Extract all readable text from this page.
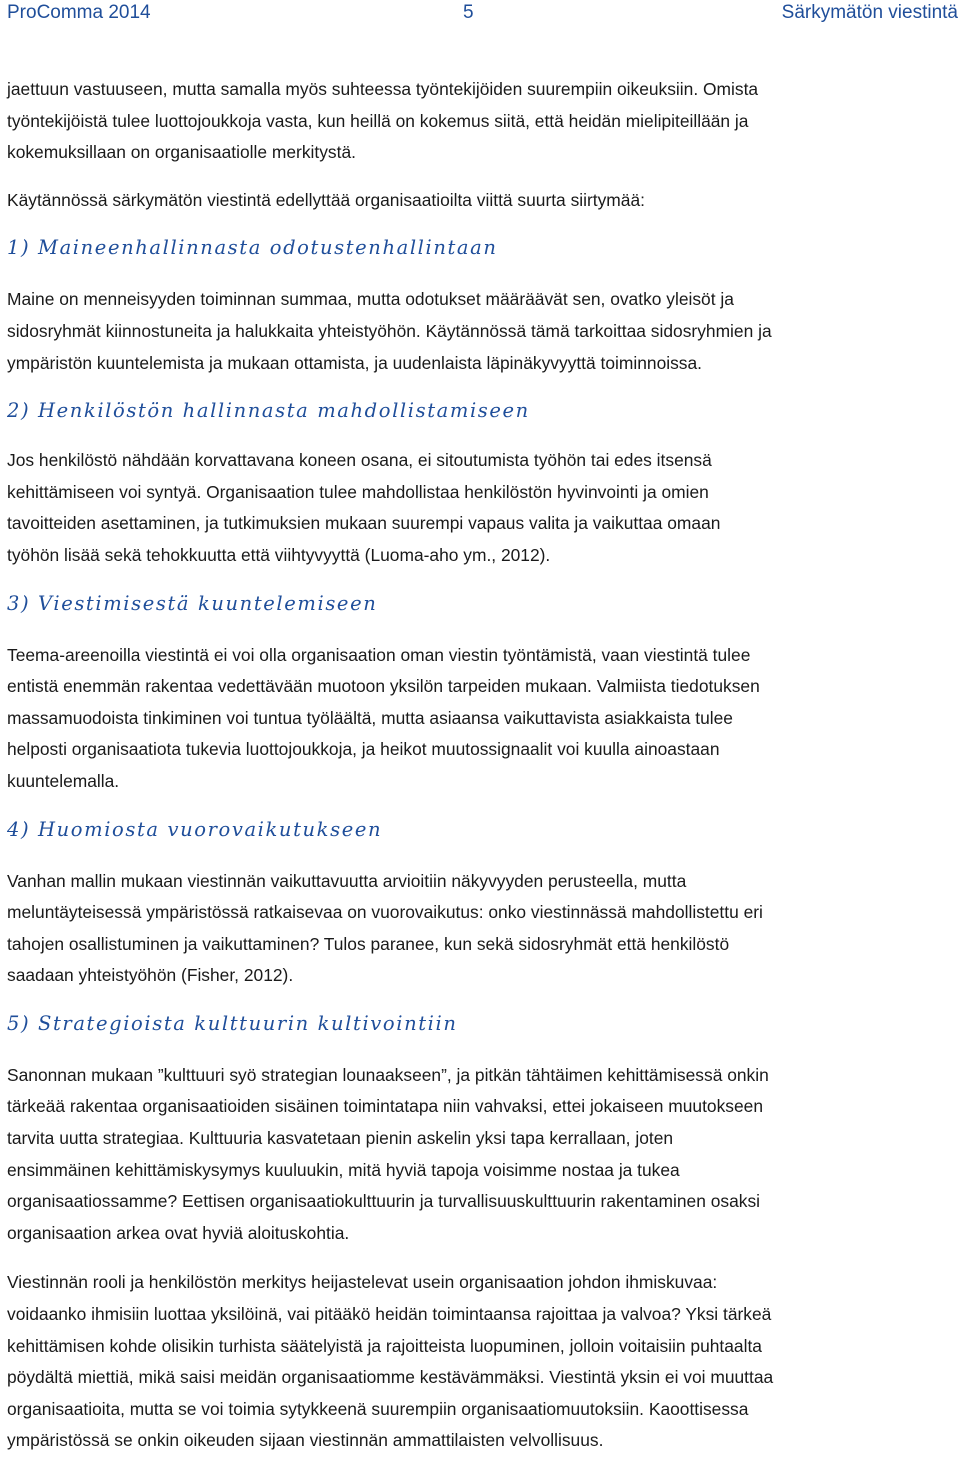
ProComma 2014	5	Särkymätön viestintä

jaettuun vastuuseen, mutta samalla myös suhteessa työntekijöiden suurempiin oikeuksiin. Omista
työntekijöistä tulee luottojoukkoja vasta, kun heillä on kokemus siitä, että heidän mielipiteillään ja
kokemuksillaan on organisaatiolle merkitystä.

Käytännössä särkymätön viestintä edellyttää organisaatioilta viittä suurta siirtymää:

1) Maineenhallinnasta odotustenhallintaan

Maine on menneisyyden toiminnan summaa, mutta odotukset määräävät sen, ovatko yleisöt ja
sidosryhmät kiinnostuneita ja halukkaita yhteistyöhön. Käytännössä tämä tarkoittaa sidosryhmien ja
ympäristön kuuntelemista ja mukaan ottamista, ja uudenlaista läpinäkyvyyttä toiminnoissa.

2) Henkilöstön hallinnasta mahdollistamiseen

Jos henkilöstö nähdään korvattavana koneen osana, ei sitoutumista työhön tai edes itsensä
kehittämiseen voi syntyä. Organisaation tulee mahdollistaa henkilöstön hyvinvointi ja omien
tavoitteiden asettaminen, ja tutkimuksien mukaan suurempi vapaus valita ja vaikuttaa omaan
työhön lisää sekä tehokkuutta että viihtyvyyttä (Luoma-aho ym., 2012).

3) Viestimisestä kuuntelemiseen

Teema-areenoilla viestintä ei voi olla organisaation oman viestin työntämistä, vaan viestintä tulee
entistä enemmän rakentaa vedettävään muotoon yksilön tarpeiden mukaan. Valmiista tiedotuksen
massamuodoista tinkiminen voi tuntua työläältä, mutta asiaansa vaikuttavista asiakkaista tulee
helposti organisaatiota tukevia luottojoukkoja, ja heikot muutossignaalit voi kuulla ainoastaan
kuuntelemalla.

4) Huomiosta vuorovaikutukseen

Vanhan mallin mukaan viestinnän vaikuttavuutta arvioitiin näkyvyyden perusteella, mutta
meluntäyteisessä ympäristössä ratkaisevaa on vuorovaikutus: onko viestinnässä mahdollistettu eri
tahojen osallistuminen ja vaikuttaminen? Tulos paranee, kun sekä sidosryhmät että henkilöstö
saadaan yhteistyöhön (Fisher, 2012).

5) Strategioista kulttuurin kultivointiin

Sanonnan mukaan ”kulttuuri syö strategian lounaakseen”, ja pitkän tähtäimen kehittämisessä onkin
tärkeää rakentaa organisaatioiden sisäinen toimintatapa niin vahvaksi, ettei jokaiseen muutokseen
tarvita uutta strategiaa. Kulttuuria kasvatetaan pienin askelin yksi tapa kerrallaan, joten
ensimmäinen kehittämiskysymys kuuluukin, mitä hyviä tapoja voisimme nostaa ja tukea
organisaatiossamme? Eettisen organisaatiokulttuurin ja turvallisuuskulttuurin rakentaminen osaksi
organisaation arkea ovat hyviä aloituskohtia.

Viestinnän rooli ja henkilöstön merkitys heijastelevat usein organisaation johdon ihmiskuvaa:
voidaanko ihmisiin luottaa yksilöinä, vai pitääkö heidän toimintaansa rajoittaa ja valvoa? Yksi tärkeä
kehittämisen kohde olisikin turhista säätelyistä ja rajoitteista luopuminen, jolloin voitaisiin puhtaalta
pöydältä miettiä, mikä saisi meidän organisaatiomme kestävämmäksi. Viestintä yksin ei voi muuttaa
organisaatioita, mutta se voi toimia sytykkeenä suurempiin organisaatiomuutoksiin. Kaoottisessa
ympäristössä se onkin oikeuden sijaan viestinnän ammattilaisten velvollisuus.
